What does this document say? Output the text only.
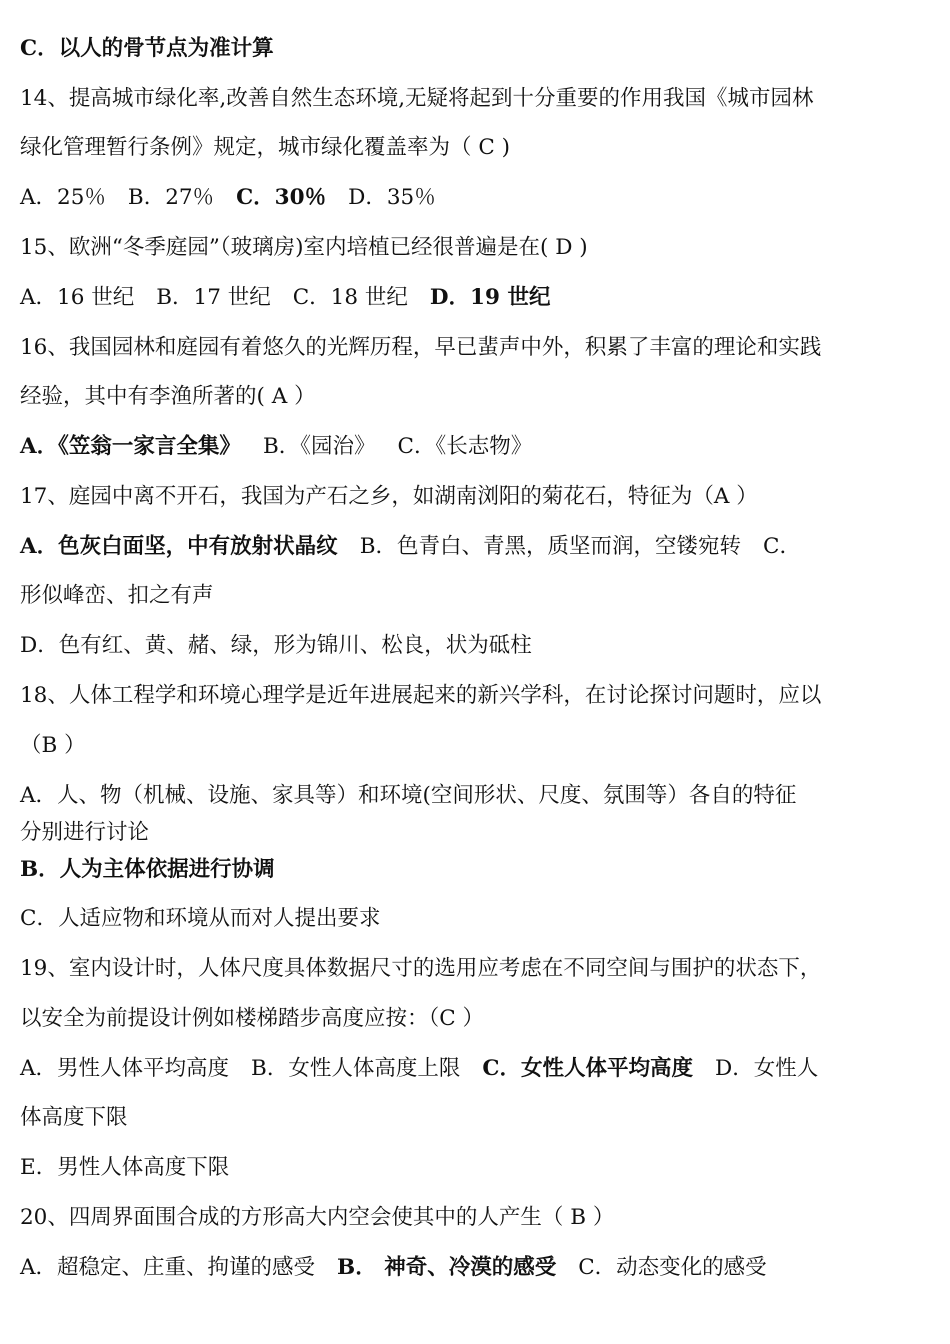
C．以人的骨节点为准计算
14、提高城市绿化率,改善自然生态环境,无疑将起到十分重要的作用我国《城市园林
绿化管理暂行条例》规定，城市绿化覆盖率为（ C )
A．25％ B．27％ C．30％ D．35％
15、欧洲“冬季庭园”（玻璃房)室内培植已经很普遍是在( D )
A．16 世纪 B．17 世纪 C．18 世纪 D．19 世纪
16、我国园林和庭园有着悠久的光辉历程，早已蜚声中外，积累了丰富的理论和实践
经验，其中有李渔所著的( A ）
A．《笠翁一家言全集》 B．《园治》 C．《长志物》
17、庭园中离不开石，我国为产石之乡，如湖南浏阳的菊花石，特征为（A ）
A．色灰白面坚，中有放射状晶纹 B．色青白、青黑，质坚而润，空镂宛转 C．
形似峰峦、扣之有声
D．色有红、黄、赭、绿，形为锦川、松良，状为砥柱
18、人体工程学和环境心理学是近年进展起来的新兴学科，在讨论探讨问题时，应以
（B ）
A．人、物（机械、设施、家具等）和环境(空间形状、尺度、氛围等）各自的特征
分别进行讨论
B．人为主体依据进行协调
C．人适应物和环境从而对人提出要求
19、室内设计时，人体尺度具体数据尺寸的选用应考虑在不同空间与围护的状态下，
以安全为前提设计例如楼梯踏步高度应按：（C ）
A．男性人体平均高度 B．女性人体高度上限 C．女性人体平均高度 D．女性人
体高度下限
E．男性人体高度下限
20、四周界面围合成的方形高大内空会使其中的人产生（ B ）
A．超稳定、庄重、拘谨的感受 B． 神奇、冷漠的感受 C．动态变化的感受
